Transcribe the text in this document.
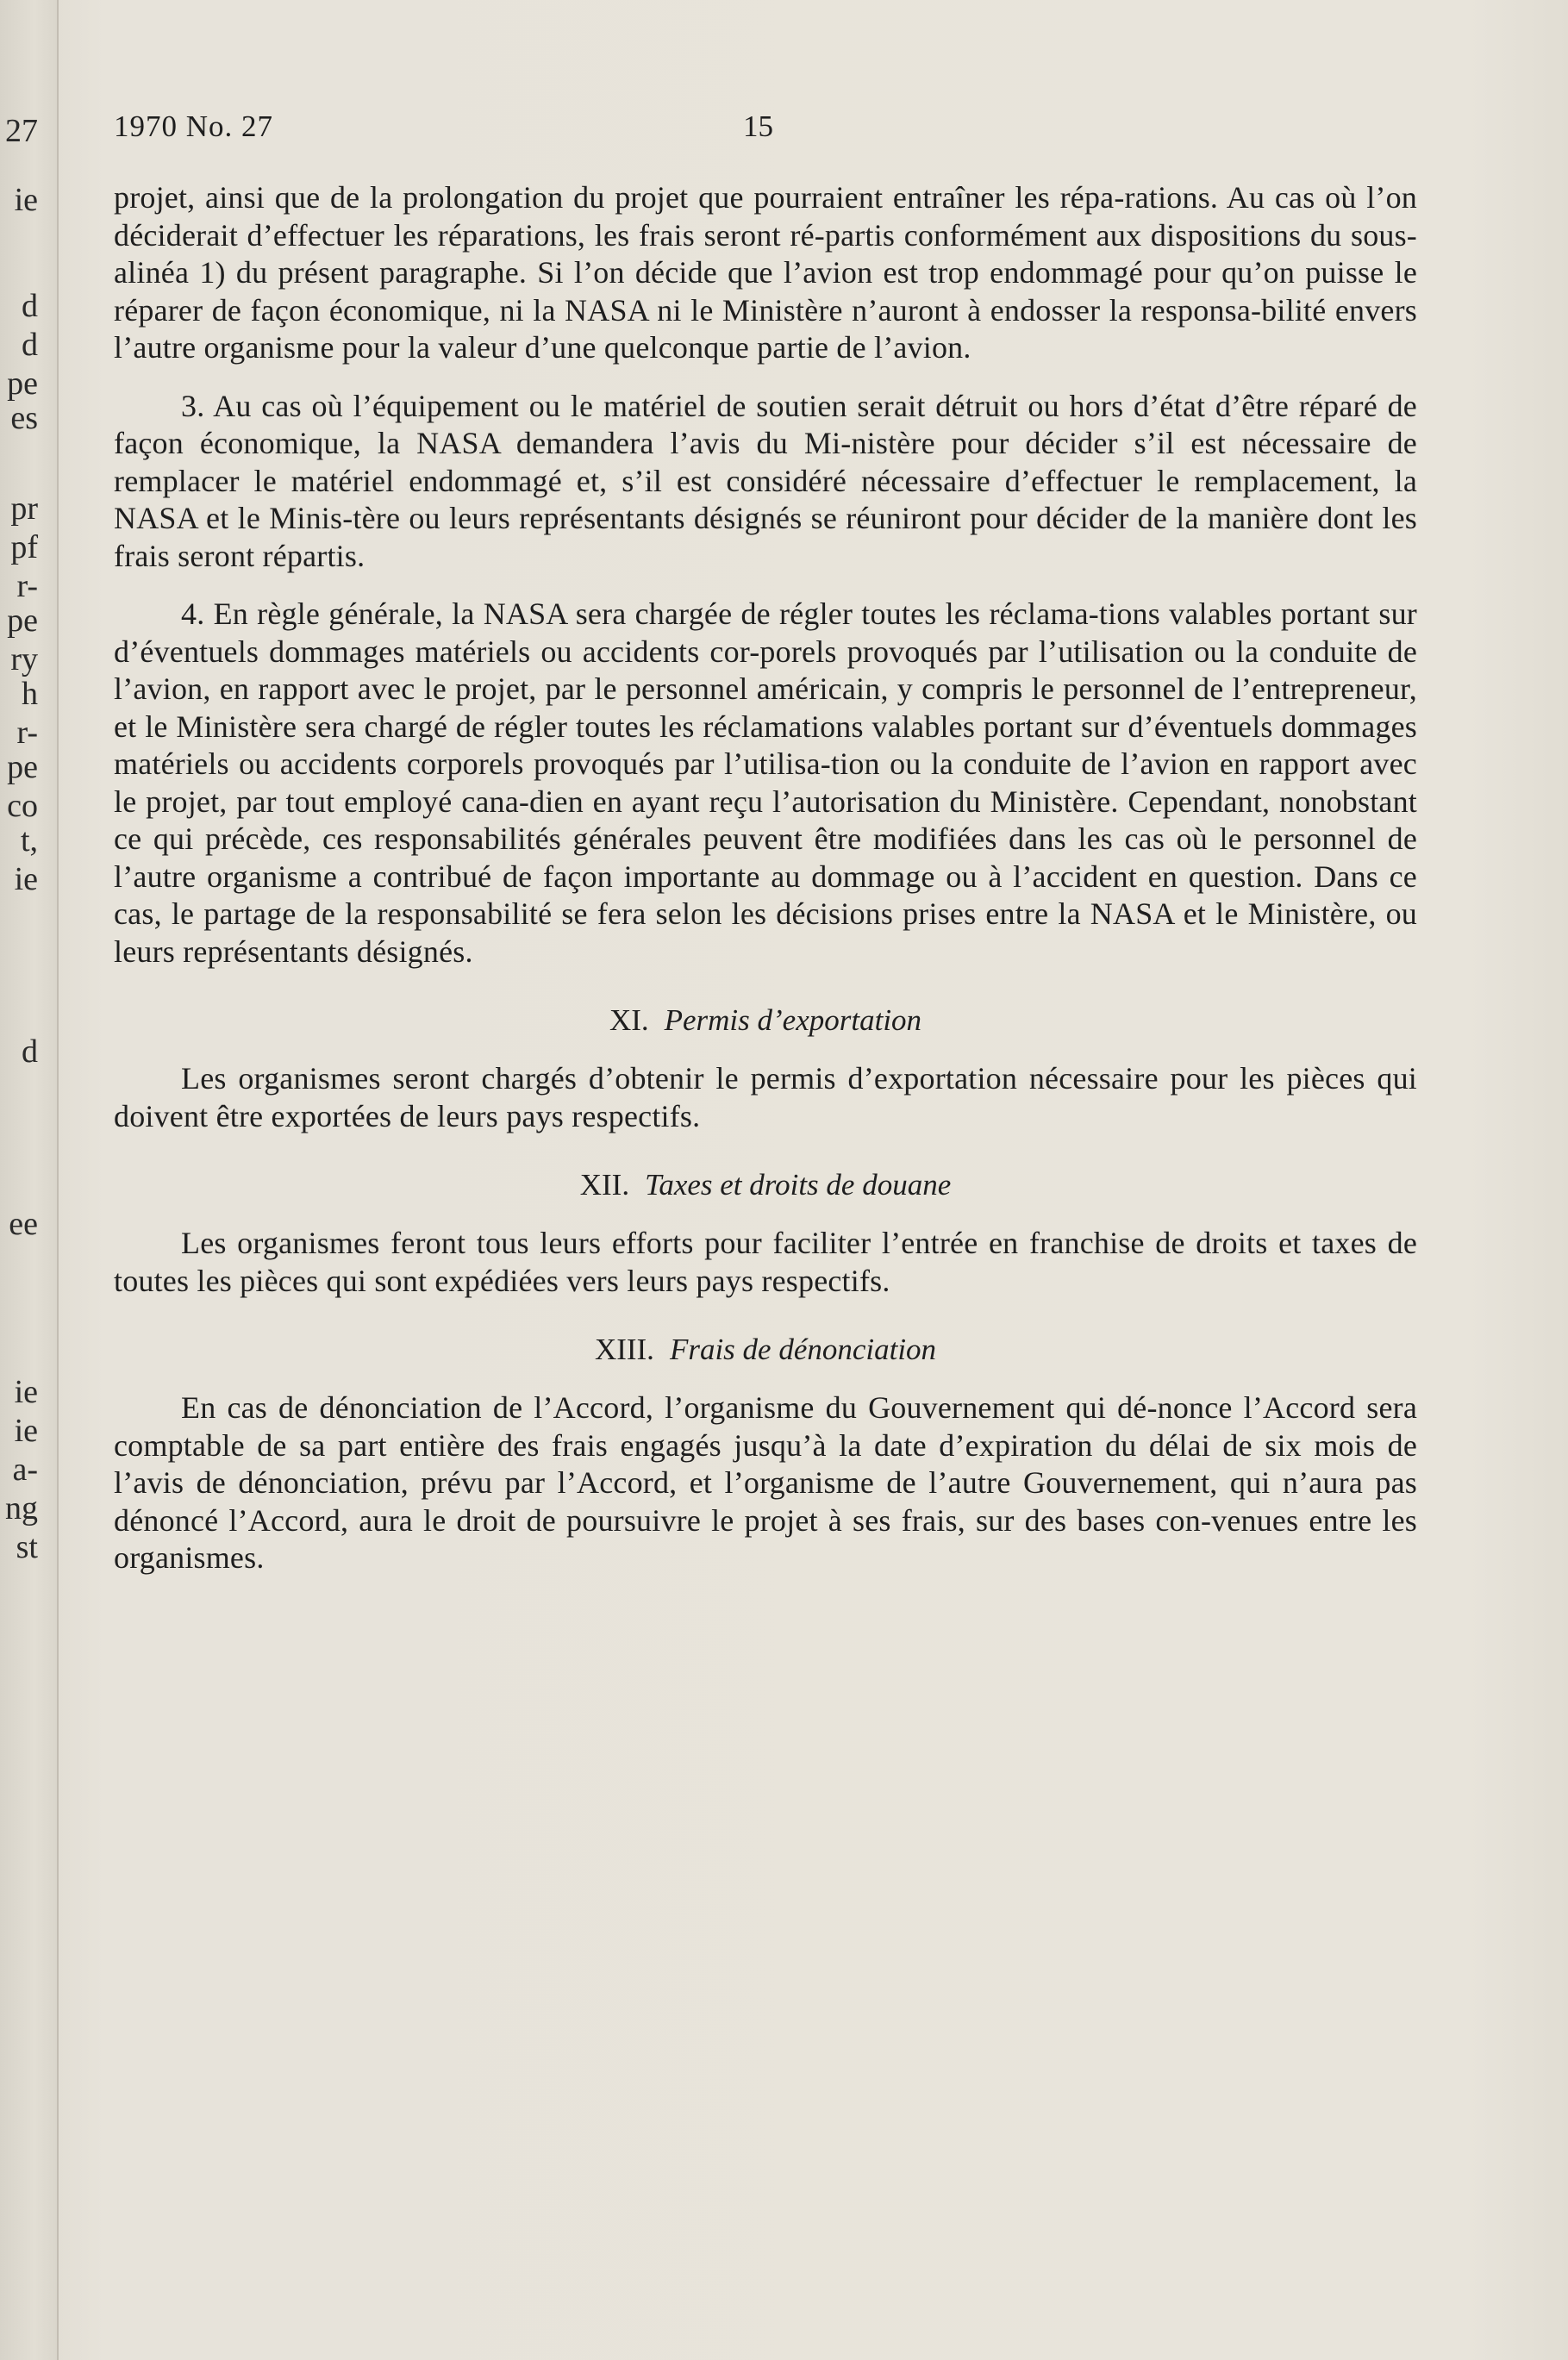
27
ie
d
d
pe
es
pr
pf
r-
pe
ry
h
r-
pe
co
t,
ie
d
ee
ie
ie
a-
ng
st
1970 No. 27	15

projet, ainsi que de la prolongation du projet que pourraient entraîner les répa-rations. Au cas où l’on déciderait d’effectuer les réparations, les frais seront ré-partis conformément aux dispositions du sous-alinéa 1) du présent paragraphe. Si l’on décide que l’avion est trop endommagé pour qu’on puisse le réparer de façon économique, ni la NASA ni le Ministère n’auront à endosser la responsa-bilité envers l’autre organisme pour la valeur d’une quelconque partie de l’avion.

3. Au cas où l’équipement ou le matériel de soutien serait détruit ou hors d’état d’être réparé de façon économique, la NASA demandera l’avis du Mi-nistère pour décider s’il est nécessaire de remplacer le matériel endommagé et, s’il est considéré nécessaire d’effectuer le remplacement, la NASA et le Minis-tère ou leurs représentants désignés se réuniront pour décider de la manière dont les frais seront répartis.

4. En règle générale, la NASA sera chargée de régler toutes les réclama-tions valables portant sur d’éventuels dommages matériels ou accidents cor-porels provoqués par l’utilisation ou la conduite de l’avion, en rapport avec le projet, par le personnel américain, y compris le personnel de l’entrepreneur, et le Ministère sera chargé de régler toutes les réclamations valables portant sur d’éventuels dommages matériels ou accidents corporels provoqués par l’utilisa-tion ou la conduite de l’avion en rapport avec le projet, par tout employé cana-dien en ayant reçu l’autorisation du Ministère. Cependant, nonobstant ce qui précède, ces responsabilités générales peuvent être modifiées dans les cas où le personnel de l’autre organisme a contribué de façon importante au dommage ou à l’accident en question. Dans ce cas, le partage de la responsabilité se fera selon les décisions prises entre la NASA et le Ministère, ou leurs représentants désignés.

XI. Permis d’exportation

Les organismes seront chargés d’obtenir le permis d’exportation nécessaire pour les pièces qui doivent être exportées de leurs pays respectifs.

XII. Taxes et droits de douane

Les organismes feront tous leurs efforts pour faciliter l’entrée en franchise de droits et taxes de toutes les pièces qui sont expédiées vers leurs pays respectifs.

XIII. Frais de dénonciation

En cas de dénonciation de l’Accord, l’organisme du Gouvernement qui dé-nonce l’Accord sera comptable de sa part entière des frais engagés jusqu’à la date d’expiration du délai de six mois de l’avis de dénonciation, prévu par l’Accord, et l’organisme de l’autre Gouvernement, qui n’aura pas dénoncé l’Accord, aura le droit de poursuivre le projet à ses frais, sur des bases con-venues entre les organismes.
